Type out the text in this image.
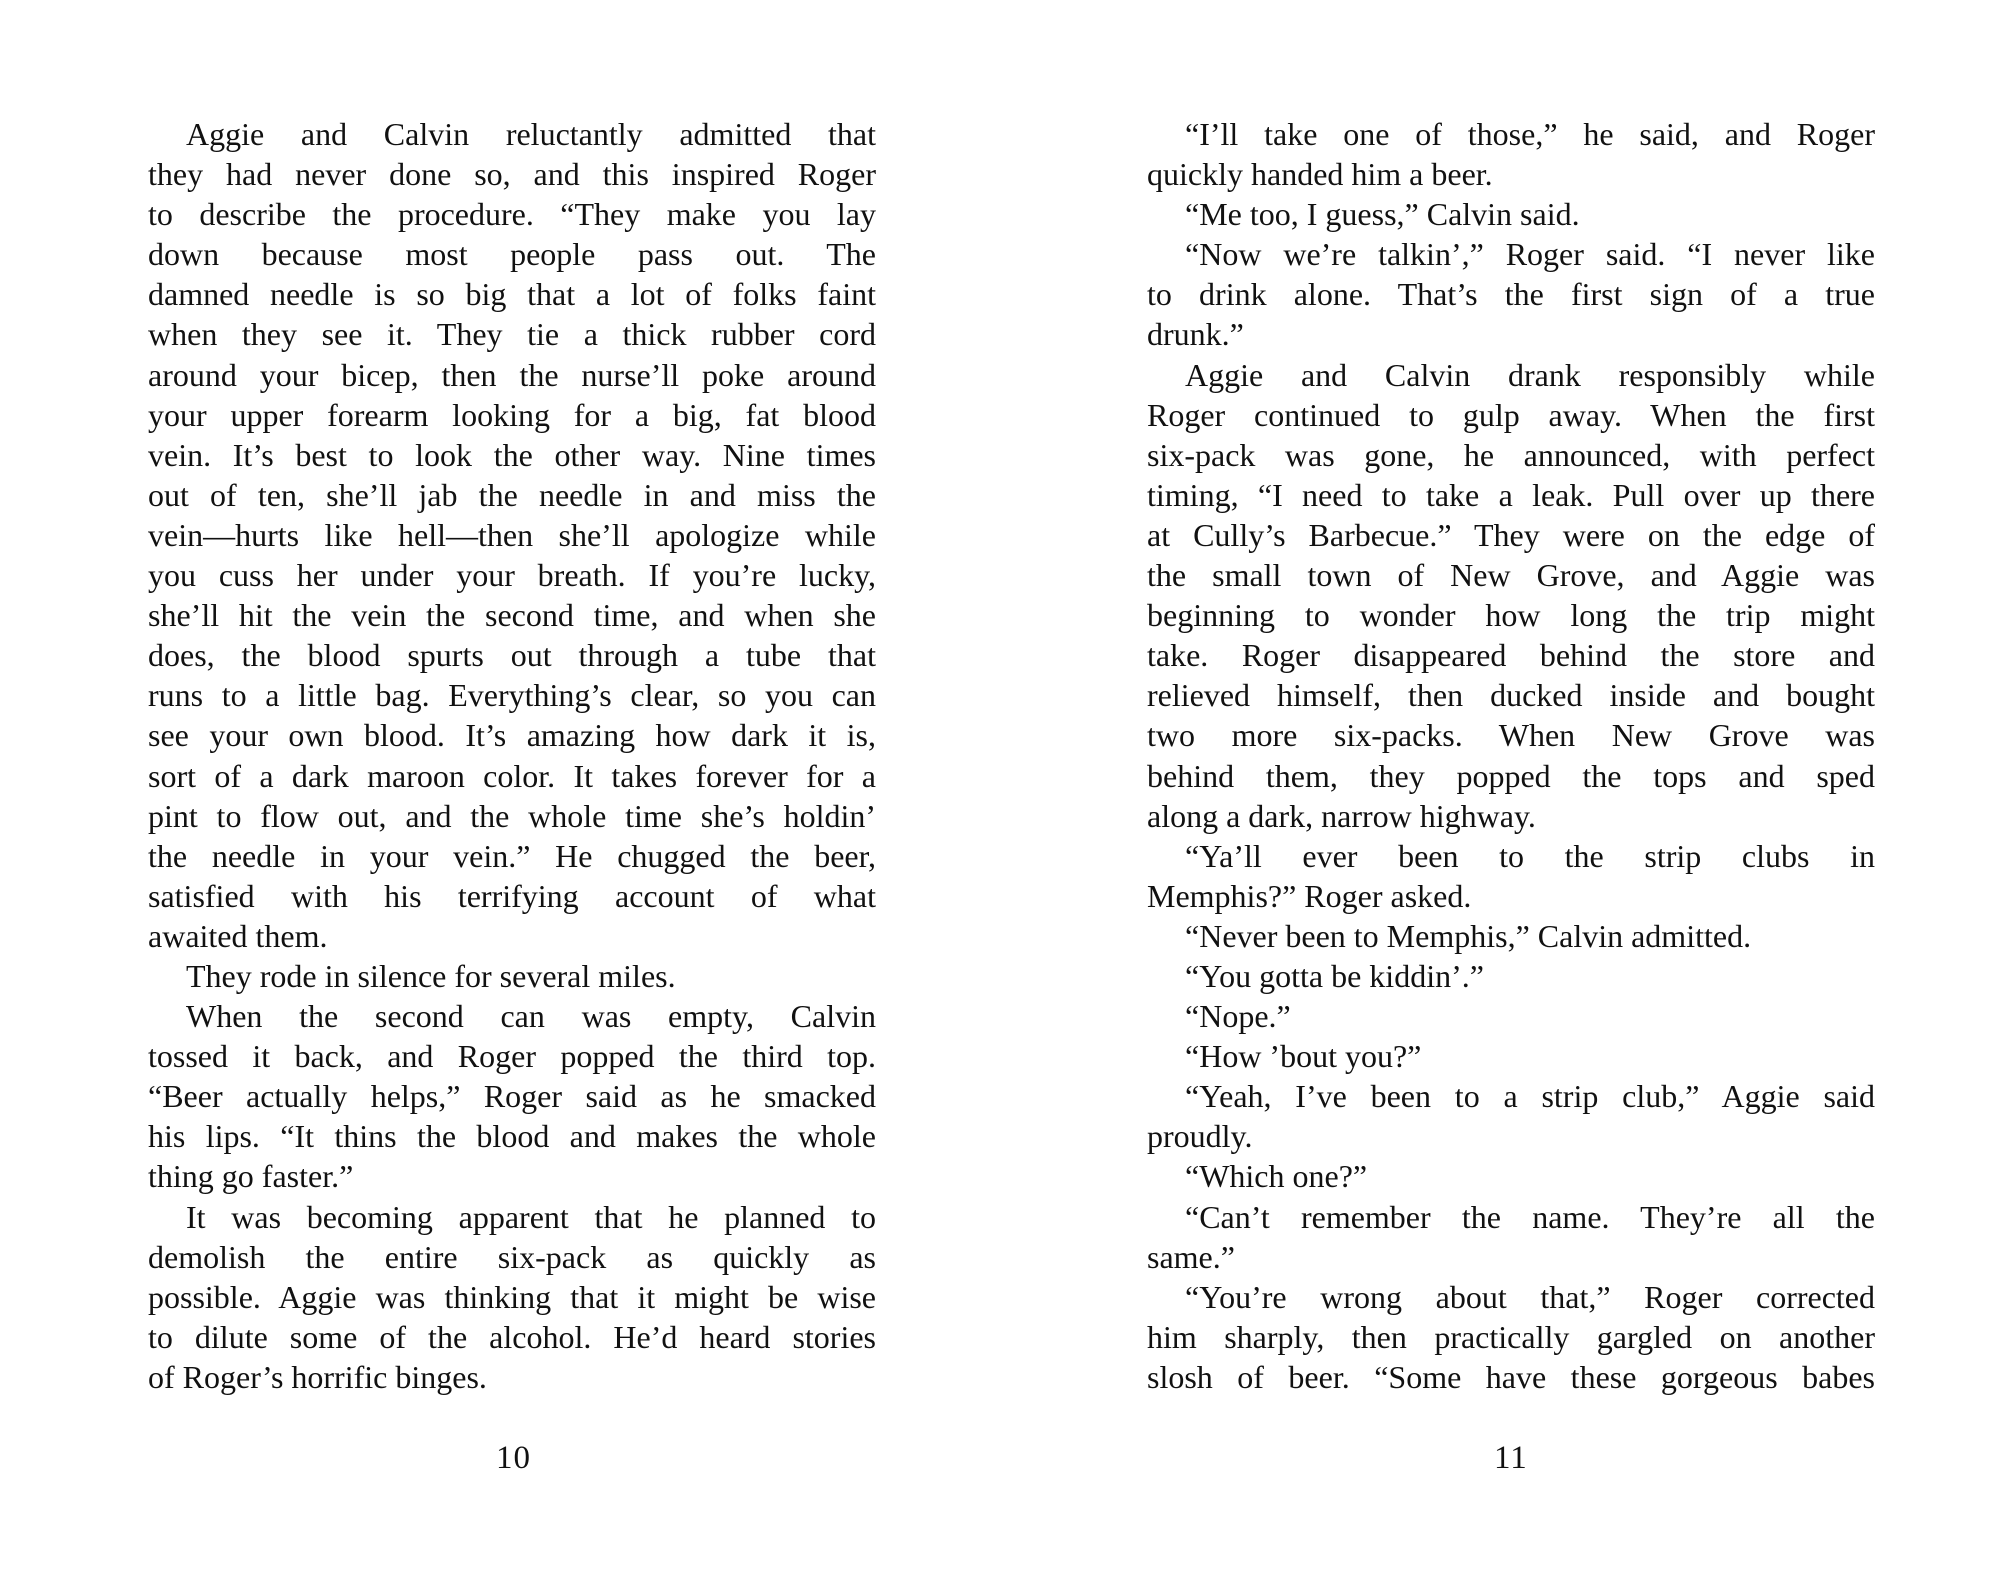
Aggie and Calvin reluctantly admitted that
they had never done so, and this inspired Roger
to describe the procedure. “They make you lay
down because most people pass out. The
damned needle is so big that a lot of folks faint
when they see it. They tie a thick rubber cord
around your bicep, then the nurse’ll poke around
your upper forearm looking for a big, fat blood
vein. It’s best to look the other way. Nine times
out of ten, she’ll jab the needle in and miss the
vein—hurts like hell—then she’ll apologize while
you cuss her under your breath. If you’re lucky,
she’ll hit the vein the second time, and when she
does, the blood spurts out through a tube that
runs to a little bag. Everything’s clear, so you can
see your own blood. It’s amazing how dark it is,
sort of a dark maroon color. It takes forever for a
pint to flow out, and the whole time she’s holdin’
the needle in your vein.” He chugged the beer,
satisfied with his terrifying account of what
awaited them.
They rode in silence for several miles.
When the second can was empty, Calvin
tossed it back, and Roger popped the third top.
“Beer actually helps,” Roger said as he smacked
his lips. “It thins the blood and makes the whole
thing go faster.”
It was becoming apparent that he planned to
demolish the entire six-pack as quickly as
possible. Aggie was thinking that it might be wise
to dilute some of the alcohol. He’d heard stories
of Roger’s horrific binges.
10
“I’ll take one of those,” he said, and Roger
quickly handed him a beer.
“Me too, I guess,” Calvin said.
“Now we’re talkin’,” Roger said. “I never like
to drink alone. That’s the first sign of a true
drunk.”
Aggie and Calvin drank responsibly while
Roger continued to gulp away. When the first
six-pack was gone, he announced, with perfect
timing, “I need to take a leak. Pull over up there
at Cully’s Barbecue.” They were on the edge of
the small town of New Grove, and Aggie was
beginning to wonder how long the trip might
take. Roger disappeared behind the store and
relieved himself, then ducked inside and bought
two more six-packs. When New Grove was
behind them, they popped the tops and sped
along a dark, narrow highway.
“Ya’ll ever been to the strip clubs in
Memphis?” Roger asked.
“Never been to Memphis,” Calvin admitted.
“You gotta be kiddin’.”
“Nope.”
“How ’bout you?”
“Yeah, I’ve been to a strip club,” Aggie said
proudly.
“Which one?”
“Can’t remember the name. They’re all the
same.”
“You’re wrong about that,” Roger corrected
him sharply, then practically gargled on another
slosh of beer. “Some have these gorgeous babes
11
